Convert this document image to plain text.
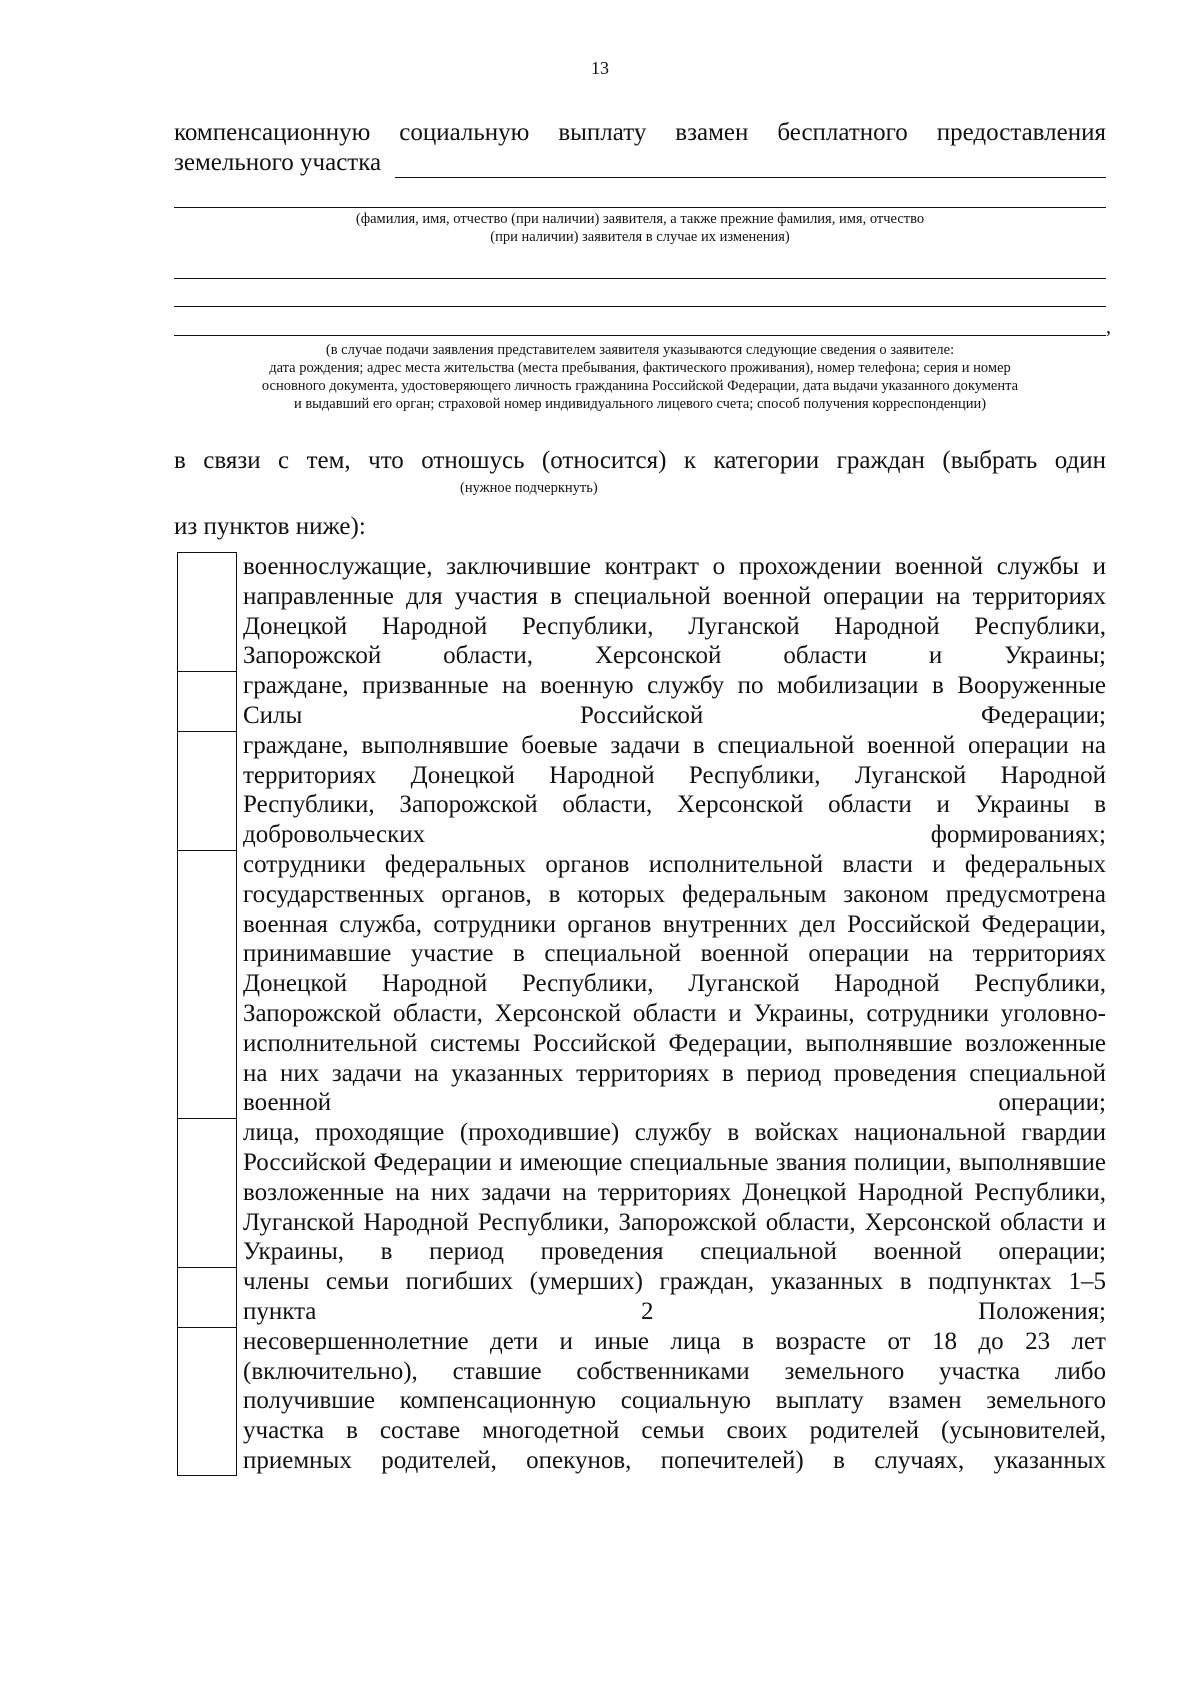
13
компенсационную социальную выплату взамен бесплатного предоставления
земельного участка
(фамилия, имя, отчество (при наличии) заявителя, а также прежние фамилия, имя, отчество
(при наличии) заявителя в случае их изменения)
,
(в случае подачи заявления представителем заявителя указываются следующие сведения о заявителе:
дата рождения; адрес места жительства (места пребывания, фактического проживания), номер телефона; серия и номер
основного документа, удостоверяющего личность гражданина Российской Федерации, дата выдачи указанного документа
и выдавший его орган; страховой номер индивидуального лицевого счета; способ получения корреспонденции)
в связи с тем, что отношусь (относится) к категории граждан (выбрать один
(нужное подчеркнуть)
из пунктов ниже):
военнослужащие, заключившие контракт о прохождении военной службы и направленные для участия в специальной военной операции на территориях Донецкой Народной Республики, Луганской Народной Республики, Запорожской области, Херсонской области и Украины;
граждане, призванные на военную службу по мобилизации в Вооруженные Силы Российской Федерации;
граждане, выполнявшие боевые задачи в специальной военной операции на территориях Донецкой Народной Республики, Луганской Народной Республики, Запорожской области, Херсонской области и Украины в добровольческих формированиях;
сотрудники федеральных органов исполнительной власти и федеральных государственных органов, в которых федеральным законом предусмотрена военная служба, сотрудники органов внутренних дел Российской Федерации, принимавшие участие в специальной военной операции на территориях Донецкой Народной Республики, Луганской Народной Республики, Запорожской области, Херсонской области и Украины, сотрудники уголовно-исполнительной системы Российской Федерации, выполнявшие возложенные на них задачи на указанных территориях в период проведения специальной военной	операции;
лица, проходящие (проходившие) службу в войсках национальной гвардии Российской Федерации и имеющие специальные звания полиции, выполнявшие возложенные на них задачи на территориях Донецкой Народной Республики, Луганской Народной Республики, Запорожской области, Херсонской области и Украины, в период проведения специальной военной операции;
члены семьи погибших (умерших) граждан, указанных в подпунктах 1–5 пункта 2 Положения;
несовершеннолетние дети и иные лица в возрасте от 18 до 23 лет (включительно), ставшие собственниками земельного участка либо получившие компенсационную социальную выплату взамен земельного участка в составе многодетной семьи своих родителей (усыновителей, приемных родителей, опекунов, попечителей) в случаях, указанных
